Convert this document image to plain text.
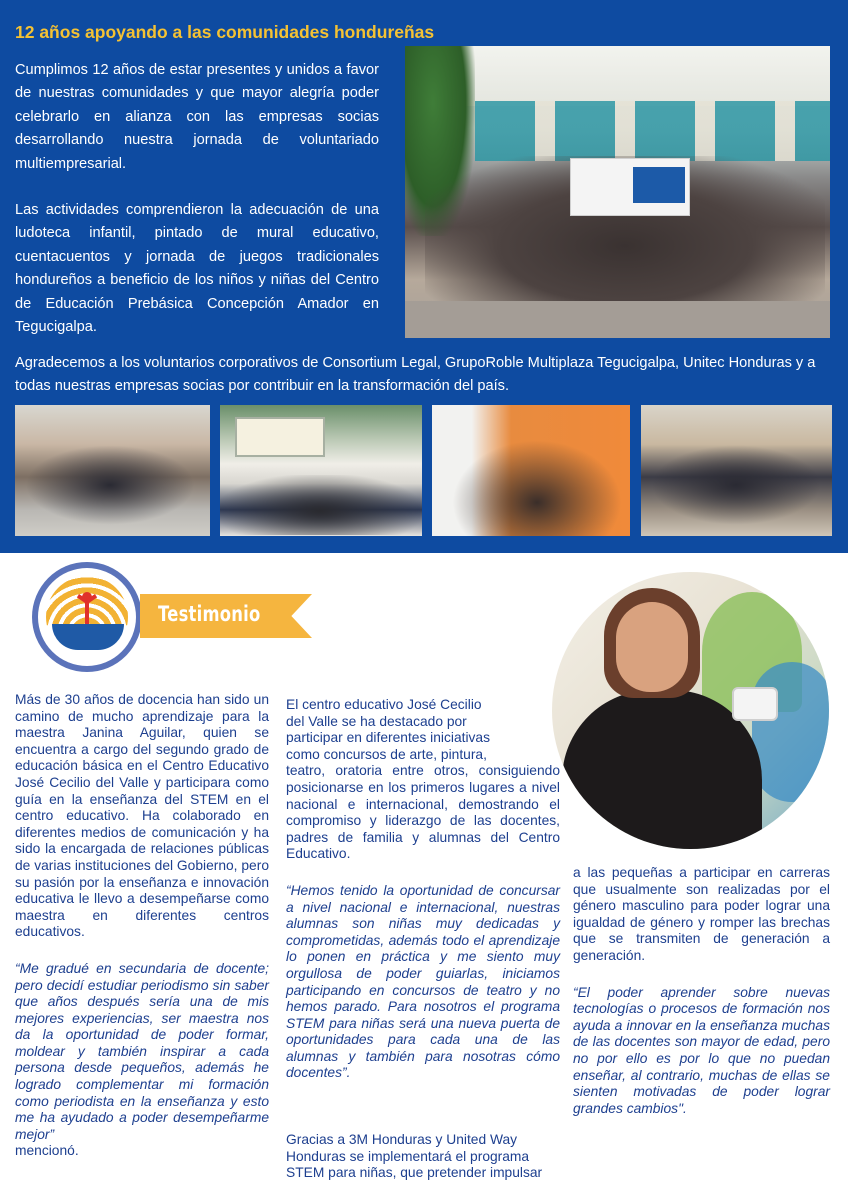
12 años apoyando a las comunidades hondureñas

Cumplimos 12 años de estar presentes y unidos a favor de nuestras comunidades y que mayor alegría poder celebrarlo en alianza con las empresas socias desarrollando nuestra jornada de voluntariado multiempresarial.

Las actividades comprendieron la adecuación de una ludoteca infantil, pintado de mural educativo, cuentacuentos y jornada de juegos tradicionales hondureños a beneficio de los niños y niñas del Centro de Educación Prebásica Concepción Amador en Tegucigalpa.

Agradecemos a los voluntarios corporativos de Consortium Legal, GrupoRoble Multiplaza Tegucigalpa, Unitec Honduras y a todas nuestras empresas socias por contribuir en la transformación del país.

Testimonio

Más de 30 años de docencia han sido un camino de mucho aprendizaje para la maestra Janina Aguilar, quien se encuentra a cargo del segundo grado de educación básica en el Centro Educativo José Cecilio del Valle y participara como guía en la enseñanza del STEM en el centro educativo. Ha colaborado en diferentes medios de comunicación y ha sido la encargada de relaciones públicas de varias instituciones del Gobierno, pero su pasión por la enseñanza e innovación educativa le llevo a desempeñarse como maestra en diferentes centros educativos.

“Me gradué en secundaria de docente; pero decidí estudiar periodismo sin saber que años después sería una de mis mejores experiencias, ser maestra nos da la oportunidad de poder formar, moldear y también inspirar a cada persona desde pequeños, además he logrado complementar mi formación como periodista en la enseñanza y esto me ha ayudado a poder desempeñarme mejor”

mencionó.

El centro educativo José Cecilio

del Valle se ha destacado por

participar en diferentes iniciativas

como concursos de arte, pintura,

teatro, oratoria entre otros, consiguiendo posicionarse en los primeros lugares a nivel nacional e internacional, demostrando el compromiso y liderazgo de las docentes, padres de familia y alumnas del Centro Educativo.

“Hemos tenido la oportunidad de concursar a nivel nacional e internacional, nuestras alumnas son niñas muy dedicadas y comprometidas, además todo el aprendizaje lo ponen en práctica y me siento muy orgullosa de poder guiarlas, iniciamos participando en concursos de teatro y no hemos parado. Para nosotros el programa STEM para niñas será una nueva puerta de oportunidades para cada una de las alumnas y también para nosotras cómo docentes”.

Gracias a 3M Honduras y United Way

Honduras se implementará el programa

STEM para niñas, que pretender impulsar

a las pequeñas a participar en carreras que usualmente son realizadas por el género masculino para poder lograr una igualdad de género y romper las brechas que se transmiten de generación a generación.

“El poder aprender sobre nuevas tecnologías o procesos de formación nos ayuda a innovar en la enseñanza muchas de las docentes son mayor de edad, pero no por ello es por lo que no puedan enseñar, al contrario, muchas de ellas se sienten motivadas de poder lograr grandes cambios".
